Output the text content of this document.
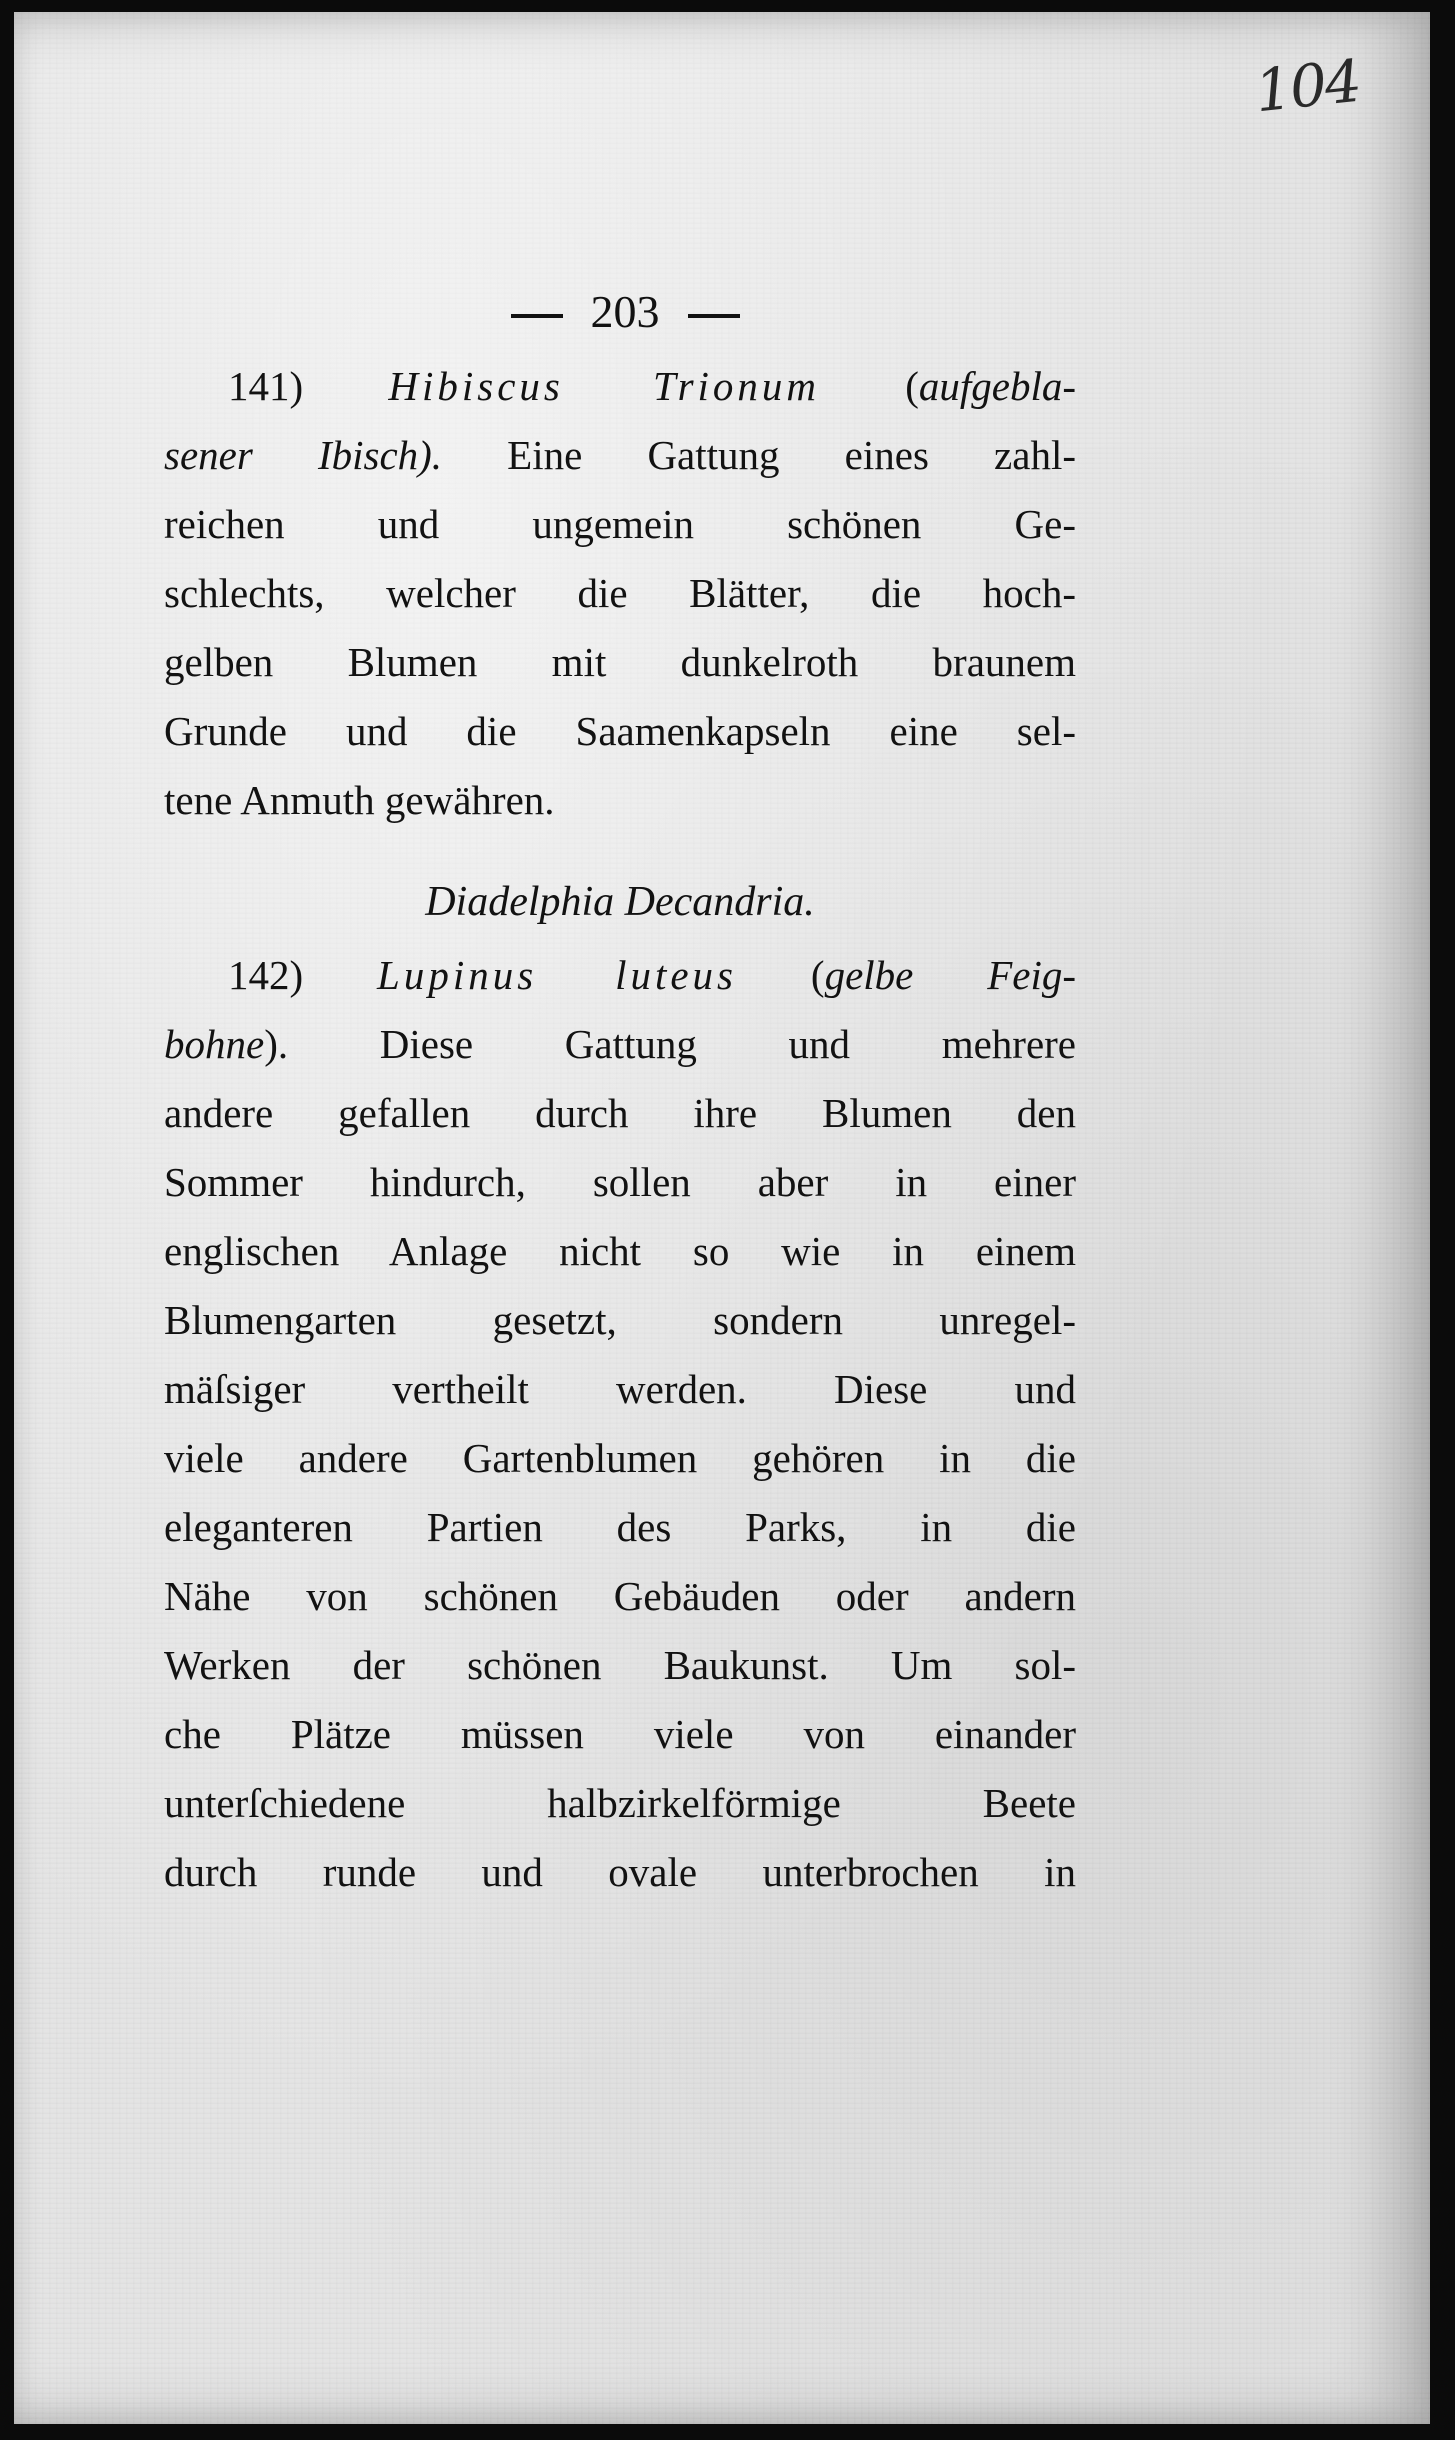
104
203
141) Hibiscus Trionum (aufgebla-
sener Ibisch). Eine Gattung eines zahl-
reichen und ungemein schönen Ge-
schlechts, welcher die Blätter, die hoch-
gelben Blumen mit dunkelroth braunem
Grunde und die Saamenkapseln eine sel-
tene Anmuth gewähren.
Diadelphia Decandria.
142) Lupinus luteus (gelbe Feig-
bohne). Diese Gattung und mehrere
andere gefallen durch ihre Blumen den
Sommer hindurch, sollen aber in einer
englischen Anlage nicht so wie in einem
Blumengarten gesetzt, sondern unregel-
mäſsiger vertheilt werden. Diese und
viele andere Gartenblumen gehören in die
eleganteren Partien des Parks, in die
Nähe von schönen Gebäuden oder andern
Werken der schönen Baukunst. Um sol-
che Plätze müssen viele von einander
unterſchiedene halbzirkelförmige Beete
durch runde und ovale unterbrochen in
